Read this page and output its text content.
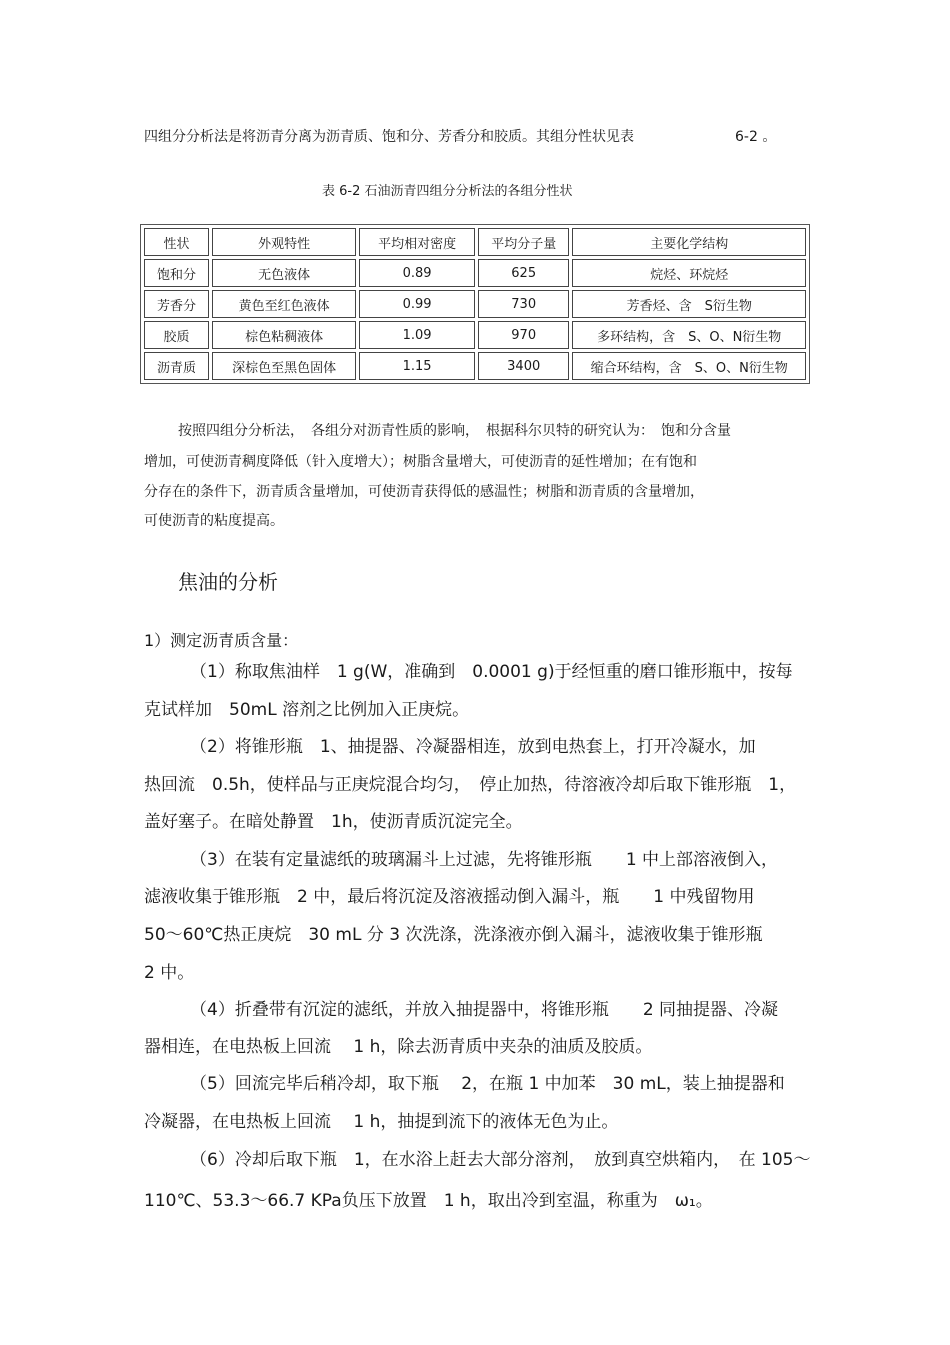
四组分分析法是将沥青分离为沥青质、饱和分、芳香分和胶质。其组分性状见表	6-2 。
表 6-2 石油沥青四组分分析法的各组分性状
性状	外观特性	平均相对密度	平均分子量	主要化学结构
饱和分	无色液体	0.89	625	烷烃、环烷烃
芳香分	黄色至红色液体	0.99	730	芳香烃、含　S衍生物
胶质	棕色粘稠液体	1.09	970	多环结构，含　S、O、N衍生物
沥青质	深棕色至黑色固体	1.15	3400	缩合环结构，含　S、O、N衍生物
按照四组分分析法，　各组分对沥青性质的影响，　根据科尔贝特的研究认为：　饱和分含量
增加，可使沥青稠度降低（针入度增大）；树脂含量增大，可使沥青的延性增加；在有饱和
分存在的条件下，沥青质含量增加，可使沥青获得低的感温性；树脂和沥青质的含量增加，
可使沥青的粘度提高。
焦油的分析
1）测定沥青质含量：
（1）称取焦油样　1 g(W，准确到　0.0001 g)于经恒重的磨口锥形瓶中，按每
克试样加　50mL 溶剂之比例加入正庚烷。
（2）将锥形瓶　1、抽提器、冷凝器相连，放到电热套上，打开冷凝水，加
热回流　0.5h，使样品与正庚烷混合均匀，　停止加热，待溶液冷却后取下锥形瓶　1，
盖好塞子。在暗处静置　1h，使沥青质沉淀完全。
（3）在装有定量滤纸的玻璃漏斗上过滤，先将锥形瓶　　1 中上部溶液倒入，
滤液收集于锥形瓶　2 中，最后将沉淀及溶液摇动倒入漏斗，瓶　　1 中残留物用
50～60℃热正庚烷　30 mL 分 3 次洗涤，洗涤液亦倒入漏斗，滤液收集于锥形瓶
2 中。
（4）折叠带有沉淀的滤纸，并放入抽提器中，将锥形瓶　　2 同抽提器、冷凝
器相连，在电热板上回流　 1 h，除去沥青质中夹杂的油质及胶质。
（5）回流完毕后稍冷却，取下瓶　 2，在瓶 1 中加苯　30 mL，装上抽提器和
冷凝器，在电热板上回流　 1 h，抽提到流下的液体无色为止。
（6）冷却后取下瓶　1，在水浴上赶去大部分溶剂，　放到真空烘箱内，　在 105～
110℃、53.3～66.7 KPa负压下放置　1 h，取出冷到室温，称重为　ω₁。
